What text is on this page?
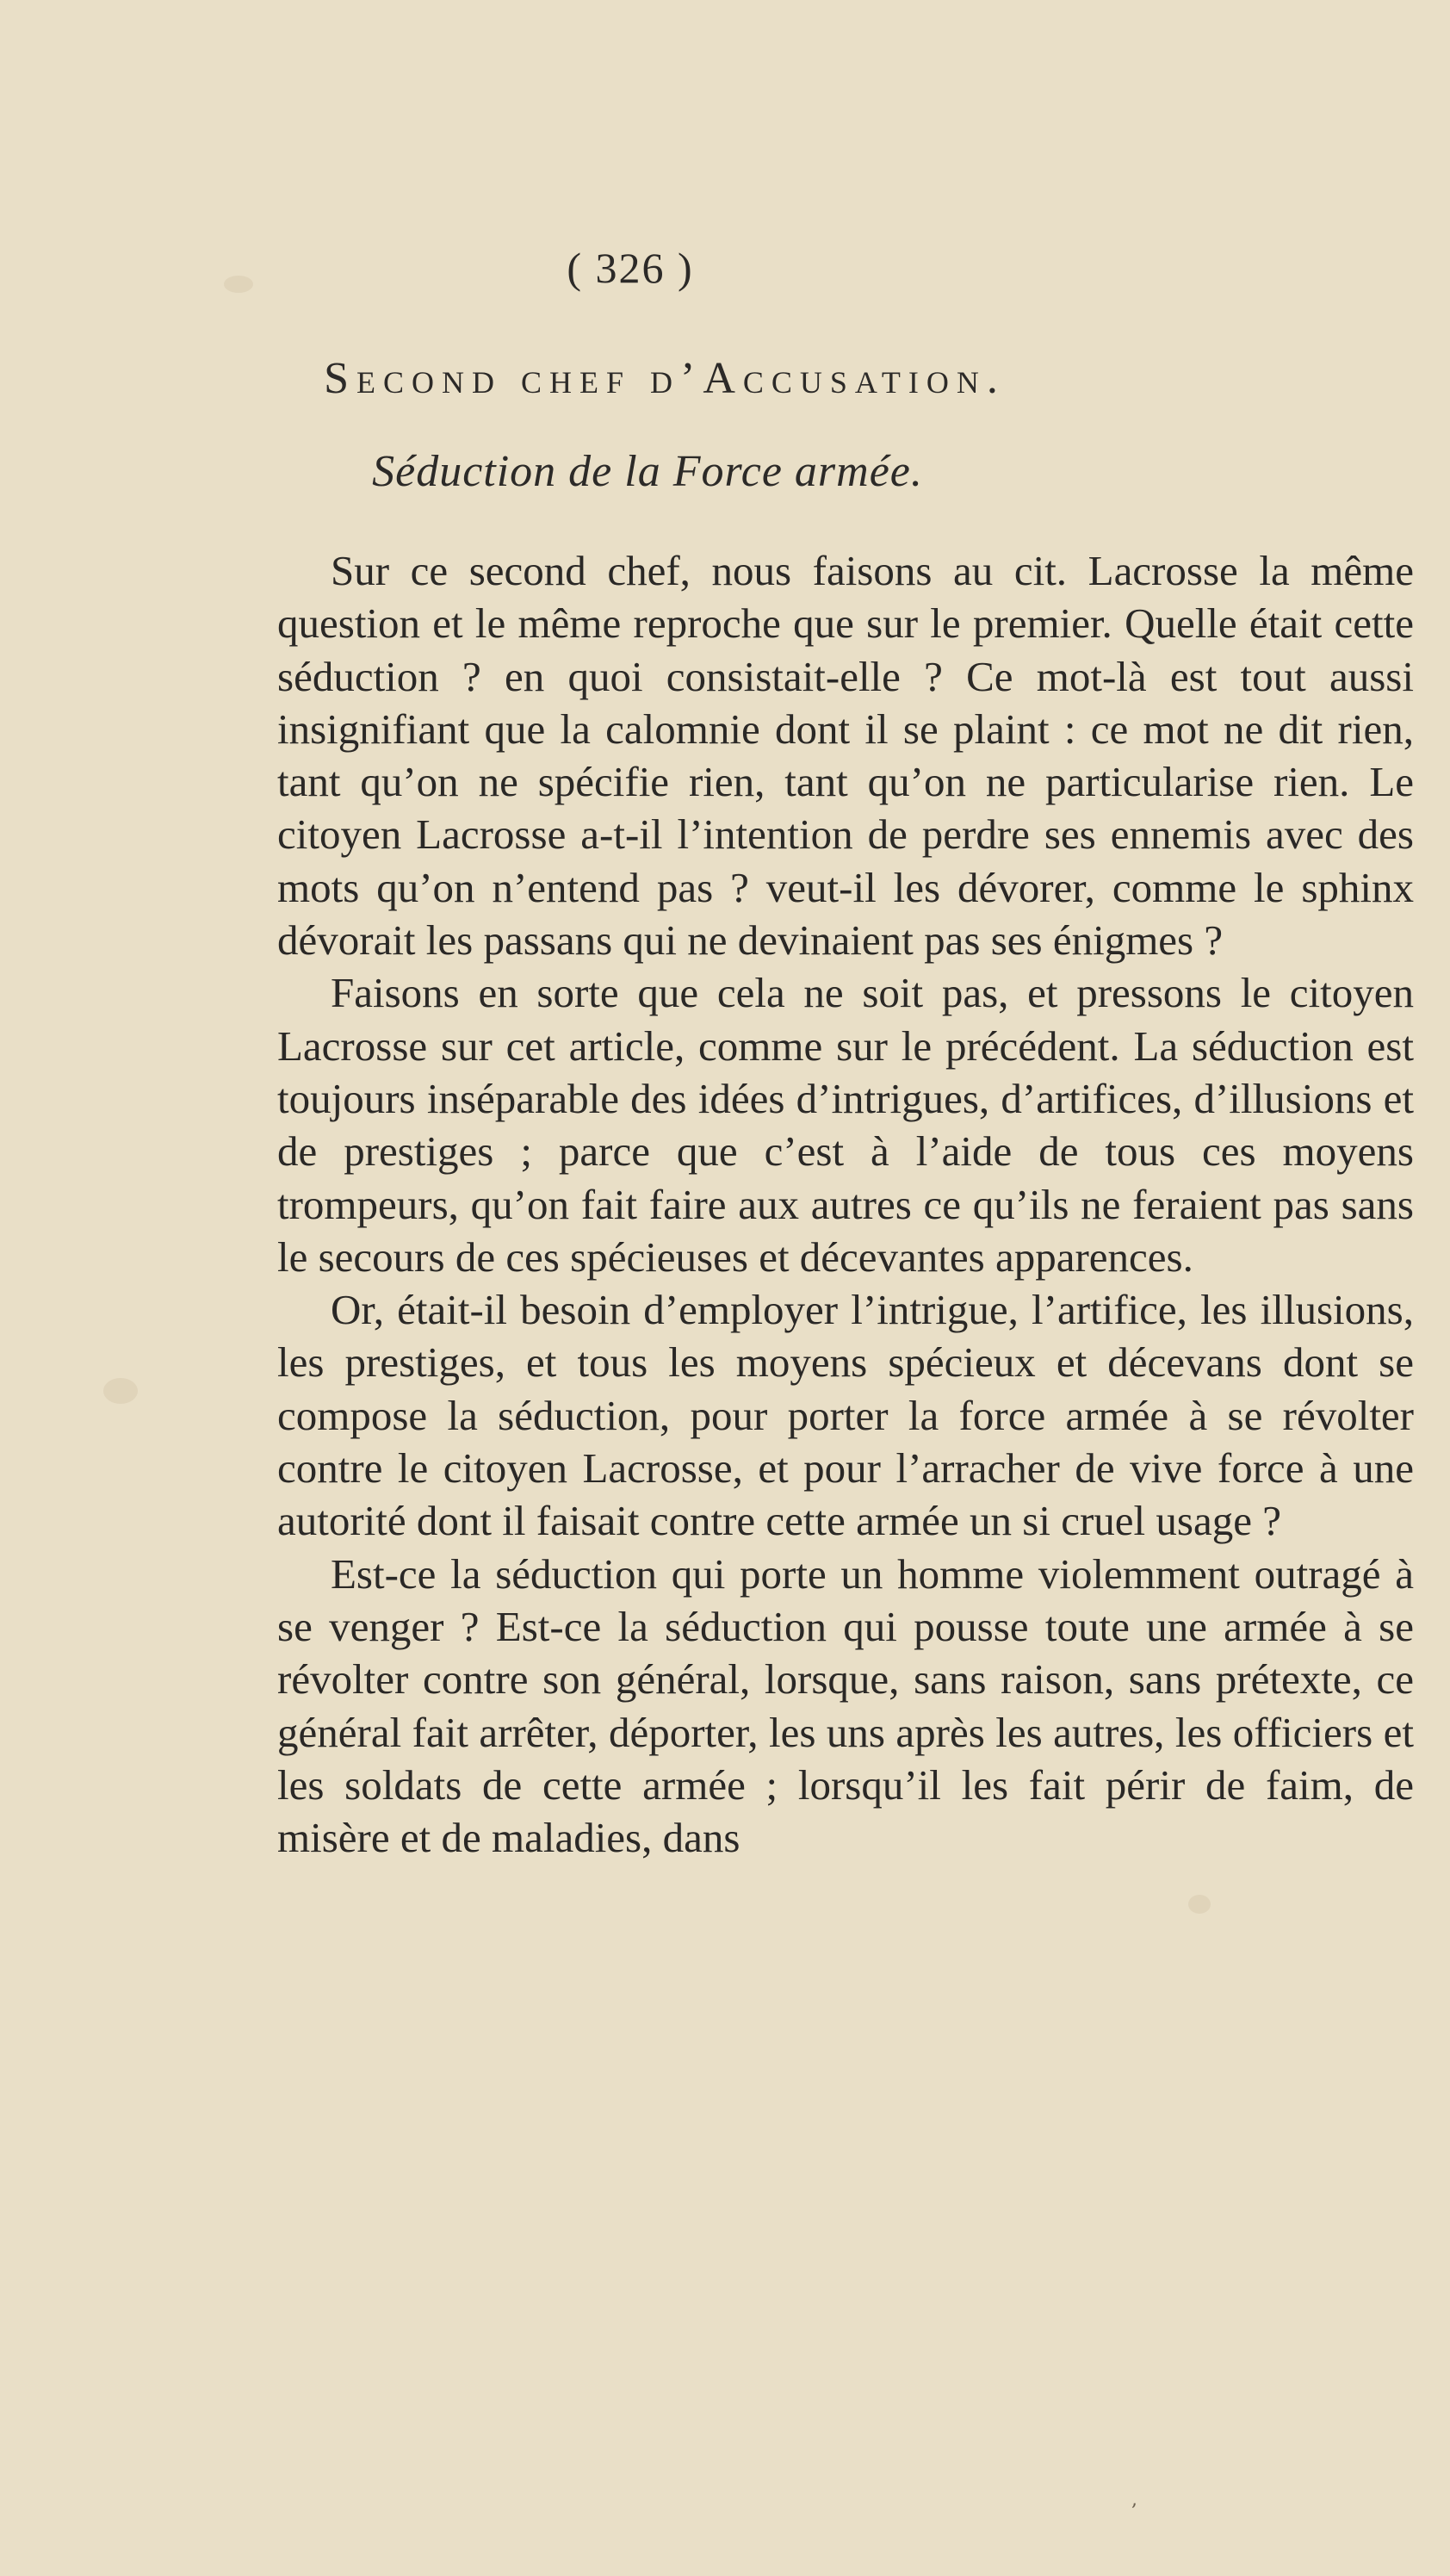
( 326 )
Second chef d’Accusation.
Séduction de la Force armée.

Sur ce second chef, nous faisons au cit. Lacrosse la même question et le même reproche que sur le premier. Quelle était cette séduction ? en quoi consistait-elle ? Ce mot-là est tout aussi insignifiant que la calomnie dont il se plaint : ce mot ne dit rien, tant qu’on ne spécifie rien, tant qu’on ne particularise rien. Le citoyen Lacrosse a-t-il l’intention de perdre ses ennemis avec des mots qu’on n’entend pas ? veut-il les dévorer, comme le sphinx dévorait les passans qui ne devinaient pas ses énigmes ?

Faisons en sorte que cela ne soit pas, et pressons le citoyen Lacrosse sur cet article, comme sur le précédent. La séduction est toujours inséparable des idées d’intrigues, d’artifices, d’illusions et de prestiges ; parce que c’est à l’aide de tous ces moyens trompeurs, qu’on fait faire aux autres ce qu’ils ne feraient pas sans le secours de ces spécieuses et décevantes apparences.

Or, était-il besoin d’employer l’intrigue, l’artifice, les illusions, les prestiges, et tous les moyens spécieux et décevans dont se compose la séduction, pour porter la force armée à se révolter contre le citoyen Lacrosse, et pour l’arracher de vive force à une autorité dont il faisait contre cette armée un si cruel usage ?

Est-ce la séduction qui porte un homme violemment outragé à se venger ? Est-ce la séduction qui pousse toute une armée à se révolter contre son général, lorsque, sans raison, sans prétexte, ce général fait arrêter, déporter, les uns après les autres, les officiers et les soldats de cette armée ; lorsqu’il les fait périr de faim, de misère et de maladies, dans

,
